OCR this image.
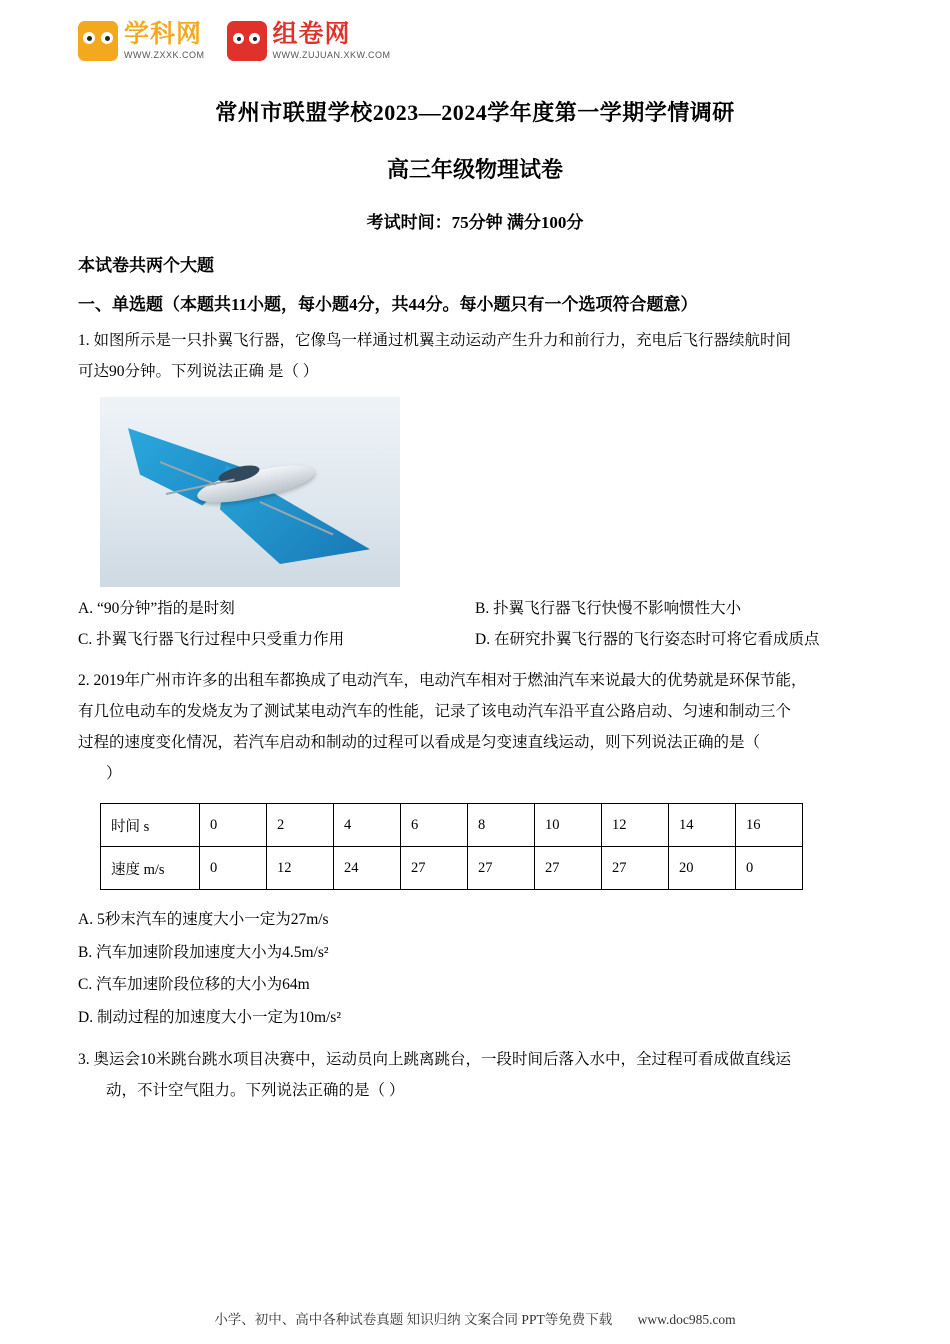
学科网
WWW.ZXXK.COM
组卷网
WWW.ZUJUAN.XKW.COM
常州市联盟学校2023—2024学年度第一学期学情调研
高三年级物理试卷
考试时间：75分钟 满分100分
本试卷共两个大题
一、单选题（本题共11小题，每小题4分，共44分。每小题只有一个选项符合题意）
1. 如图所示是一只扑翼飞行器，它像鸟一样通过机翼主动运动产生升力和前行力，充电后飞行器续航时间
可达90分钟。下列说法正确 是（ ）
A. “90分钟”指的是时刻	B. 扑翼飞行器飞行快慢不影响惯性大小
C. 扑翼飞行器飞行过程中只受重力作用	D. 在研究扑翼飞行器的飞行姿态时可将它看成质点
2. 2019年广州市许多的出租车都换成了电动汽车，电动汽车相对于燃油汽车来说最大的优势就是环保节能，
有几位电动车的发烧友为了测试某电动汽车的性能，记录了该电动汽车沿平直公路启动、匀速和制动三个
过程的速度变化情况，若汽车启动和制动的过程可以看成是匀变速直线运动，则下列说法正确的是（
）
时间 s	0	2	4	6	8	10	12	14	16
速度 m/s	0	12	24	27	27	27	27	20	0
A. 5秒末汽车的速度大小一定为27m/s
B. 汽车加速阶段加速度大小为4.5m/s²
C. 汽车加速阶段位移的大小为64m
D. 制动过程的加速度大小一定为10m/s²
3. 奥运会10米跳台跳水项目决赛中，运动员向上跳离跳台，一段时间后落入水中，全过程可看成做直线运
动，不计空气阻力。下列说法正确的是（ ）
小学、初中、高中各种试卷真题 知识归纳 文案合同 PPT等免费下载 www.doc985.com
